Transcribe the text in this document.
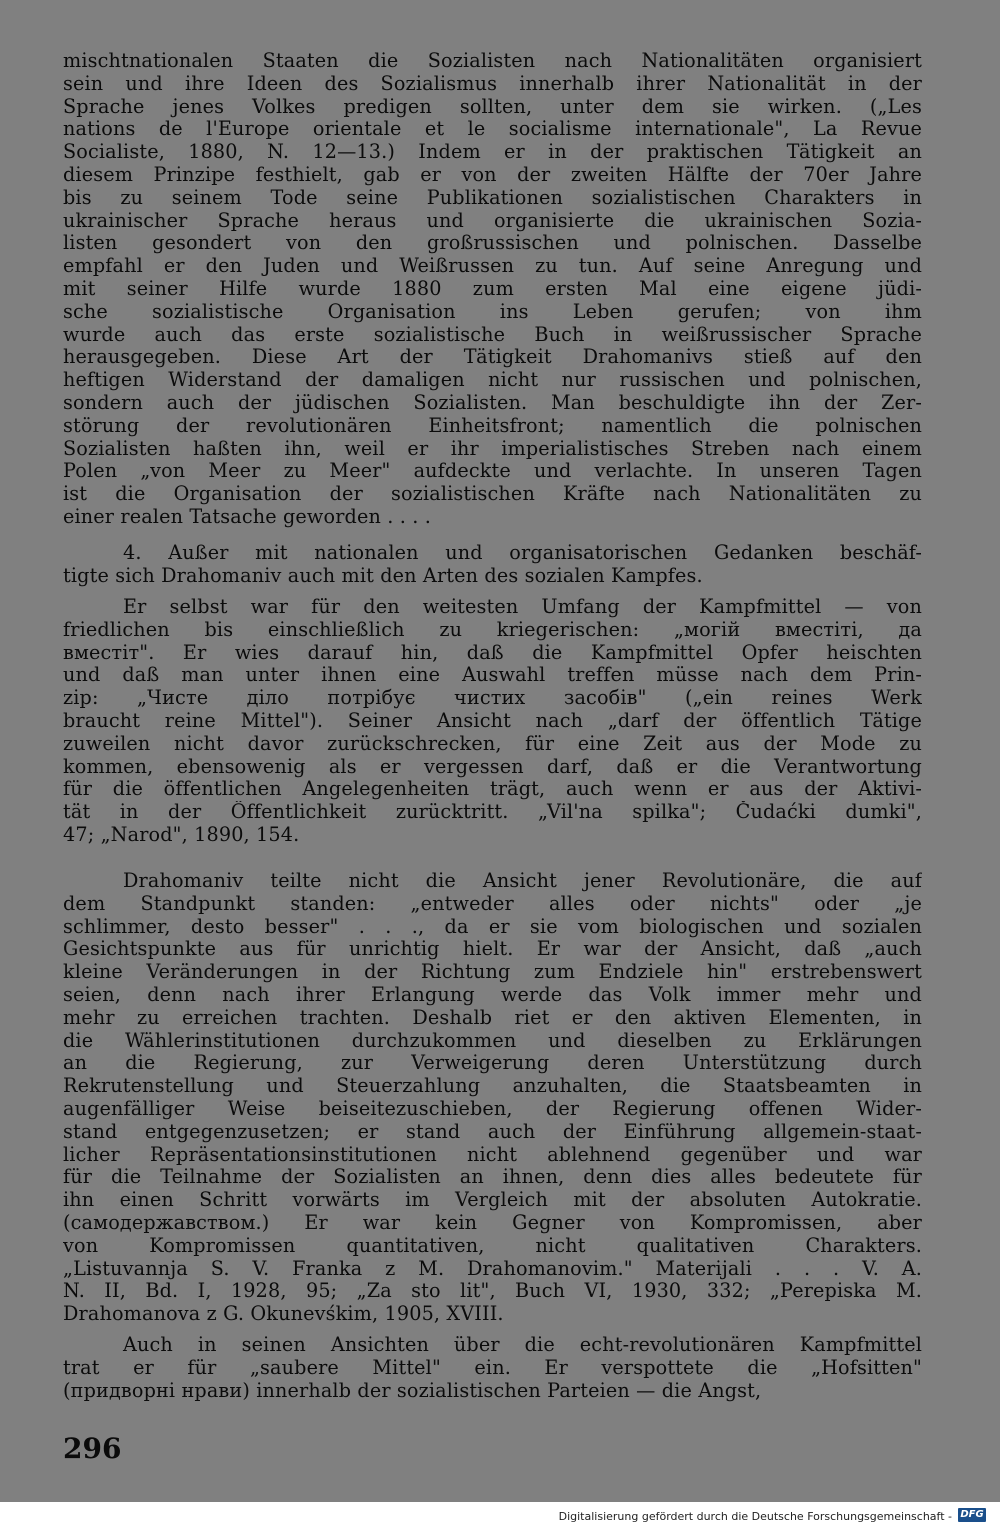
mischtnationalen Staaten die Sozialisten nach Nationalitäten organisiert
sein und ihre Ideen des Sozialismus innerhalb ihrer Nationalität in der
Sprache jenes Volkes predigen sollten, unter dem sie wirken. („Les
nations de l'Europe orientale et le socialisme internationale", La Revue
Socialiste, 1880, N. 12—13.) Indem er in der praktischen Tätigkeit an
diesem Prinzipe festhielt, gab er von der zweiten Hälfte der 70er Jahre
bis zu seinem Tode seine Publikationen sozialistischen Charakters in
ukrainischer Sprache heraus und organisierte die ukrainischen Sozia-
listen gesondert von den großrussischen und polnischen. Dasselbe
empfahl er den Juden und Weißrussen zu tun. Auf seine Anregung und
mit seiner Hilfe wurde 1880 zum ersten Mal eine eigene jüdi-
sche sozialistische Organisation ins Leben gerufen; von ihm
wurde auch das erste sozialistische Buch in weißrussischer Sprache
herausgegeben. Diese Art der Tätigkeit Drahomanivs stieß auf den
heftigen Widerstand der damaligen nicht nur russischen und polnischen,
sondern auch der jüdischen Sozialisten. Man beschuldigte ihn der Zer-
störung der revolutionären Einheitsfront; namentlich die polnischen
Sozialisten haßten ihn, weil er ihr imperialistisches Streben nach einem
Polen „von Meer zu Meer" aufdeckte und verlachte. In unseren Tagen
ist die Organisation der sozialistischen Kräfte nach Nationalitäten zu
einer realen Tatsache geworden . . . .
4. Außer mit nationalen und organisatorischen Gedanken beschäf-
tigte sich Drahomaniv auch mit den Arten des sozialen Kampfes.
Er selbst war für den weitesten Umfang der Kampfmittel — von
friedlichen bis einschließlich zu kriegerischen: „могій вместіті, да
вместіт". Er wies darauf hin, daß die Kampfmittel Opfer heischten
und daß man unter ihnen eine Auswahl treffen müsse nach dem Prin-
zip: „Чисте діло потрібує чистих засобів" („ein reines Werk
braucht reine Mittel"). Seiner Ansicht nach „darf der öffentlich Tätige
zuweilen nicht davor zurückschrecken, für eine Zeit aus der Mode zu
kommen, ebensowenig als er vergessen darf, daß er die Verantwortung
für die öffentlichen Angelegenheiten trägt, auch wenn er aus der Aktivi-
tät in der Öffentlichkeit zurücktritt. „Vil'na spilka"; Čudaćki dumki",
47; „Narod", 1890, 154.
Drahomaniv teilte nicht die Ansicht jener Revolutionäre, die auf
dem Standpunkt standen: „entweder alles oder nichts" oder „je
schlimmer, desto besser" . . ., da er sie vom biologischen und sozialen
Gesichtspunkte aus für unrichtig hielt. Er war der Ansicht, daß „auch
kleine Veränderungen in der Richtung zum Endziele hin" erstrebenswert
seien, denn nach ihrer Erlangung werde das Volk immer mehr und
mehr zu erreichen trachten. Deshalb riet er den aktiven Elementen, in
die Wählerinstitutionen durchzukommen und dieselben zu Erklärungen
an die Regierung, zur Verweigerung deren Unterstützung durch
Rekrutenstellung und Steuerzahlung anzuhalten, die Staatsbeamten in
augenfälliger Weise beiseitezuschieben, der Regierung offenen Wider-
stand entgegenzusetzen; er stand auch der Einführung allgemein-staat-
licher Repräsentationsinstitutionen nicht ablehnend gegenüber und war
für die Teilnahme der Sozialisten an ihnen, denn dies alles bedeutete für
ihn einen Schritt vorwärts im Vergleich mit der absoluten Autokratie.
(самодержавством.) Er war kein Gegner von Kompromissen, aber
von Kompromissen quantitativen, nicht qualitativen Charakters.
„Listuvannja S. V. Franka z M. Drahomanovim." Materijali . . . V. A.
N. II, Bd. I, 1928, 95; „Za sto lit", Buch VI, 1930, 332; „Perepiska M.
Drahomanova z G. Okunevśkim, 1905, XVIII.
Auch in seinen Ansichten über die echt-revolutionären Kampfmittel
trat er für „saubere Mittel" ein. Er verspottete die „Hofsitten"
(придворні нрави) innerhalb der sozialistischen Parteien — die Angst,
296
Digitalisierung gefördert durch die Deutsche Forschungsgemeinschaft - DFG
